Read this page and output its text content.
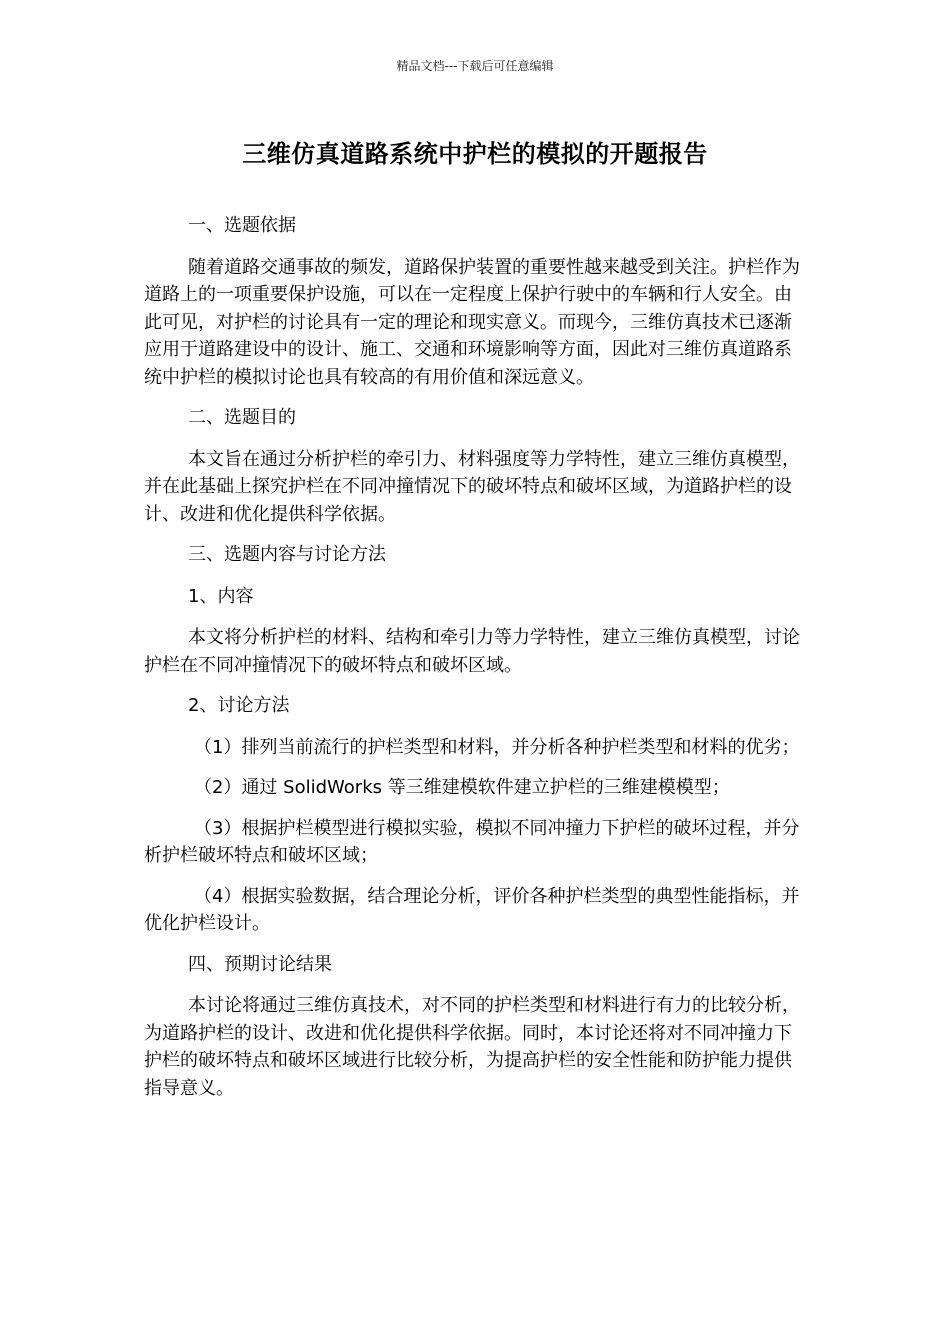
精品文档---下载后可任意编辑
三维仿真道路系统中护栏的模拟的开题报告

一、选题依据

随着道路交通事故的频发，道路保护装置的重要性越来越受到关注。护栏作为道路上的一项重要保护设施，可以在一定程度上保护行驶中的车辆和行人安全。由此可见，对护栏的讨论具有一定的理论和现实意义。而现今，三维仿真技术已逐渐应用于道路建设中的设计、施工、交通和环境影响等方面，因此对三维仿真道路系统中护栏的模拟讨论也具有较高的有用价值和深远意义。

二、选题目的

本文旨在通过分析护栏的牵引力、材料强度等力学特性，建立三维仿真模型，并在此基础上探究护栏在不同冲撞情况下的破坏特点和破坏区域，为道路护栏的设计、改进和优化提供科学依据。

三、选题内容与讨论方法

1、内容

本文将分析护栏的材料、结构和牵引力等力学特性，建立三维仿真模型，讨论护栏在不同冲撞情况下的破坏特点和破坏区域。

2、讨论方法

（1）排列当前流行的护栏类型和材料，并分析各种护栏类型和材料的优劣；

（2）通过 SolidWorks 等三维建模软件建立护栏的三维建模模型；

（3）根据护栏模型进行模拟实验，模拟不同冲撞力下护栏的破坏过程，并分析护栏破坏特点和破坏区域；

（4）根据实验数据，结合理论分析，评价各种护栏类型的典型性能指标，并优化护栏设计。

四、预期讨论结果

本讨论将通过三维仿真技术，对不同的护栏类型和材料进行有力的比较分析，为道路护栏的设计、改进和优化提供科学依据。同时，本讨论还将对不同冲撞力下护栏的破坏特点和破坏区域进行比较分析，为提高护栏的安全性能和防护能力提供指导意义。
